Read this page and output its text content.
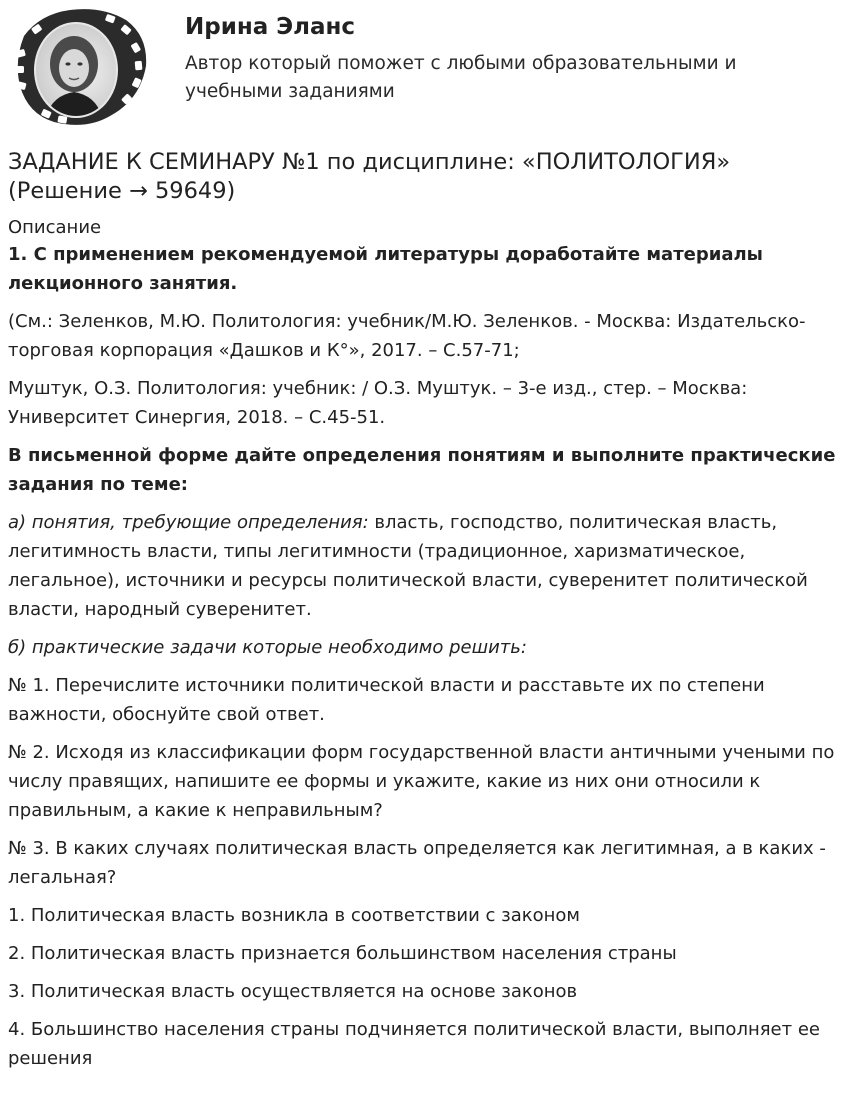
Ирина Эланс
Автор который поможет с любыми образовательными и учебными заданиями
ЗАДАНИЕ К СЕМИНАРУ №1 по дисциплине: «ПОЛИТОЛОГИЯ» (Решение → 59649)
Описание

1. С применением рекомендуемой литературы доработайте материалы лекционного занятия.

(См.: Зеленков, М.Ю. Политология: учебник/М.Ю. Зеленков. - Москва: Издательско-торговая корпорация «Дашков и К°», 2017. – С.57-71;

Муштук, О.З. Политология: учебник: / О.З. Муштук. – 3-е изд., стер. – Москва: Университет Синергия, 2018. – С.45-51.

В письменной форме дайте определения понятиям и выполните практические задания по теме:

а) понятия, требующие определения: власть, господство, политическая власть, легитимность власти, типы легитимности (традиционное, харизматическое, легальное), источники и ресурсы политической власти, суверенитет политической власти, народный суверенитет.

б) практические задачи которые необходимо решить:

№ 1. Перечислите источники политической власти и расставьте их по степени важности, обоснуйте свой ответ.

№ 2. Исходя из классификации форм государственной власти античными учеными по числу правящих, напишите ее формы и укажите, какие из них они относили к правильным, а какие к неправильным?

№ 3. В каких случаях политическая власть определяется как легитимная, а в каких - легальная?

1. Политическая власть возникла в соответствии с законом

2. Политическая власть признается большинством населения страны

3. Политическая власть осуществляется на основе законов

4. Большинство населения страны подчиняется политической власти, выполняет ее решения
